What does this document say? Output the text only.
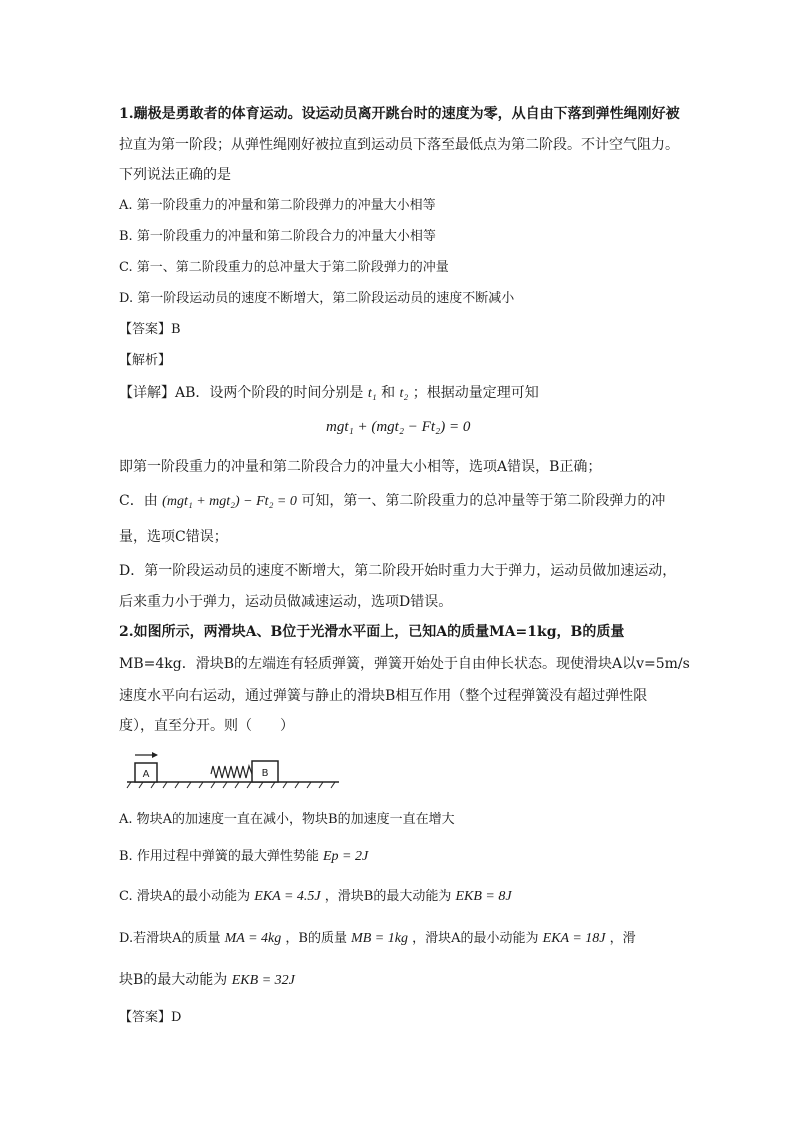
1.蹦极是勇敢者的体育运动。设运动员离开跳台时的速度为零，从自由下落到弹性绳刚好被
拉直为第一阶段；从弹性绳刚好被拉直到运动员下落至最低点为第二阶段。不计空气阻力。
下列说法正确的是
A. 第一阶段重力的冲量和第二阶段弹力的冲量大小相等
B. 第一阶段重力的冲量和第二阶段合力的冲量大小相等
C. 第一、第二阶段重力的总冲量大于第二阶段弹力的冲量
D. 第一阶段运动员的速度不断增大，第二阶段运动员的速度不断减小
【答案】B
【解析】
【详解】AB．设两个阶段的时间分别是 t₁ 和 t₂ ；根据动量定理可知
mgt₁ + (mgt₂ − Ft₂) = 0
即第一阶段重力的冲量和第二阶段合力的冲量大小相等，选项A错误，B正确；
C．由 (mgt₁ + mgt₂) − Ft₂ = 0 可知，第一、第二阶段重力的总冲量等于第二阶段弹力的冲
量，选项C错误；
D．第一阶段运动员的速度不断增大，第二阶段开始时重力大于弹力，运动员做加速运动，
后来重力小于弹力，运动员做减速运动，选项D错误。
2.如图所示，两滑块A、B位于光滑水平面上，已知A的质量MA=1kg，B的质量
MB=4kg．滑块B的左端连有轻质弹簧，弹簧开始处于自由伸长状态。现使滑块A以v=5m/s
速度水平向右运动，通过弹簧与静止的滑块B相互作用（整个过程弹簧没有超过弹性限
度），直至分开。则（　　）
A	B
A. 物块A的加速度一直在减小，物块B的加速度一直在增大
B. 作用过程中弹簧的最大弹性势能 Ep = 2J
C. 滑块A的最小动能为 EKA = 4.5J ，滑块B的最大动能为 EKB = 8J
D.若滑块A的质量 MA = 4kg ，B的质量 MB = 1kg ，滑块A的最小动能为 EKA = 18J ，滑
块B的最大动能为 EKB = 32J
【答案】D
